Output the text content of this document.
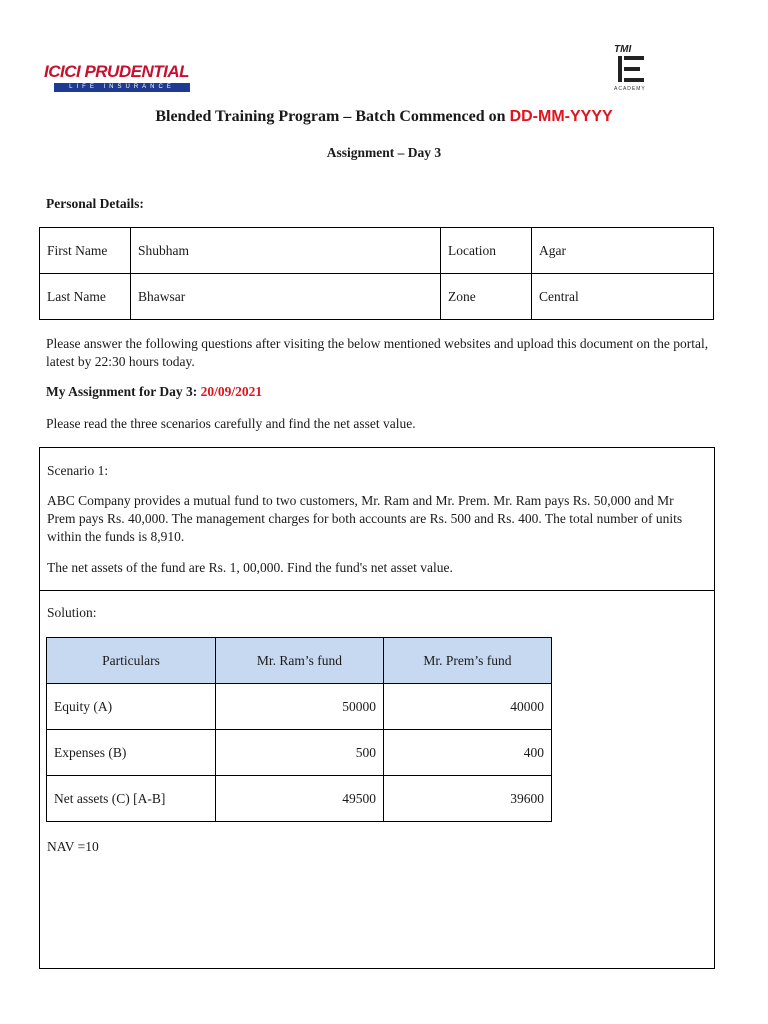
ICICI PRUDENTIAL
LIFE INSURANCE
TMI
ACADEMY
Blended Training Program – Batch Commenced on DD-MM-YYYY
Assignment – Day 3
Personal Details:
First Name	Shubham	Location	Agar
Last Name	Bhawsar	Zone	Central
Please answer the following questions after visiting the below mentioned websites and upload this document on the portal, latest by 22:30 hours today.
My Assignment for Day 3: 20/09/2021
Please read the three scenarios carefully and find the net asset value.

Scenario 1:

ABC Company provides a mutual fund to two customers, Mr. Ram and Mr. Prem. Mr. Ram pays Rs. 50,000 and Mr Prem pays Rs. 40,000. The management charges for both accounts are Rs. 500 and Rs. 400. The total number of units within the funds is 8,910.

The net assets of the fund are Rs. 1, 00,000. Find the fund's net asset value.

Solution:
Particulars	Mr. Ram’s fund	Mr. Prem’s fund
Equity (A)	50000	40000
Expenses (B)	500	400
Net assets (C) [A-B]	49500	39600
NAV =10
